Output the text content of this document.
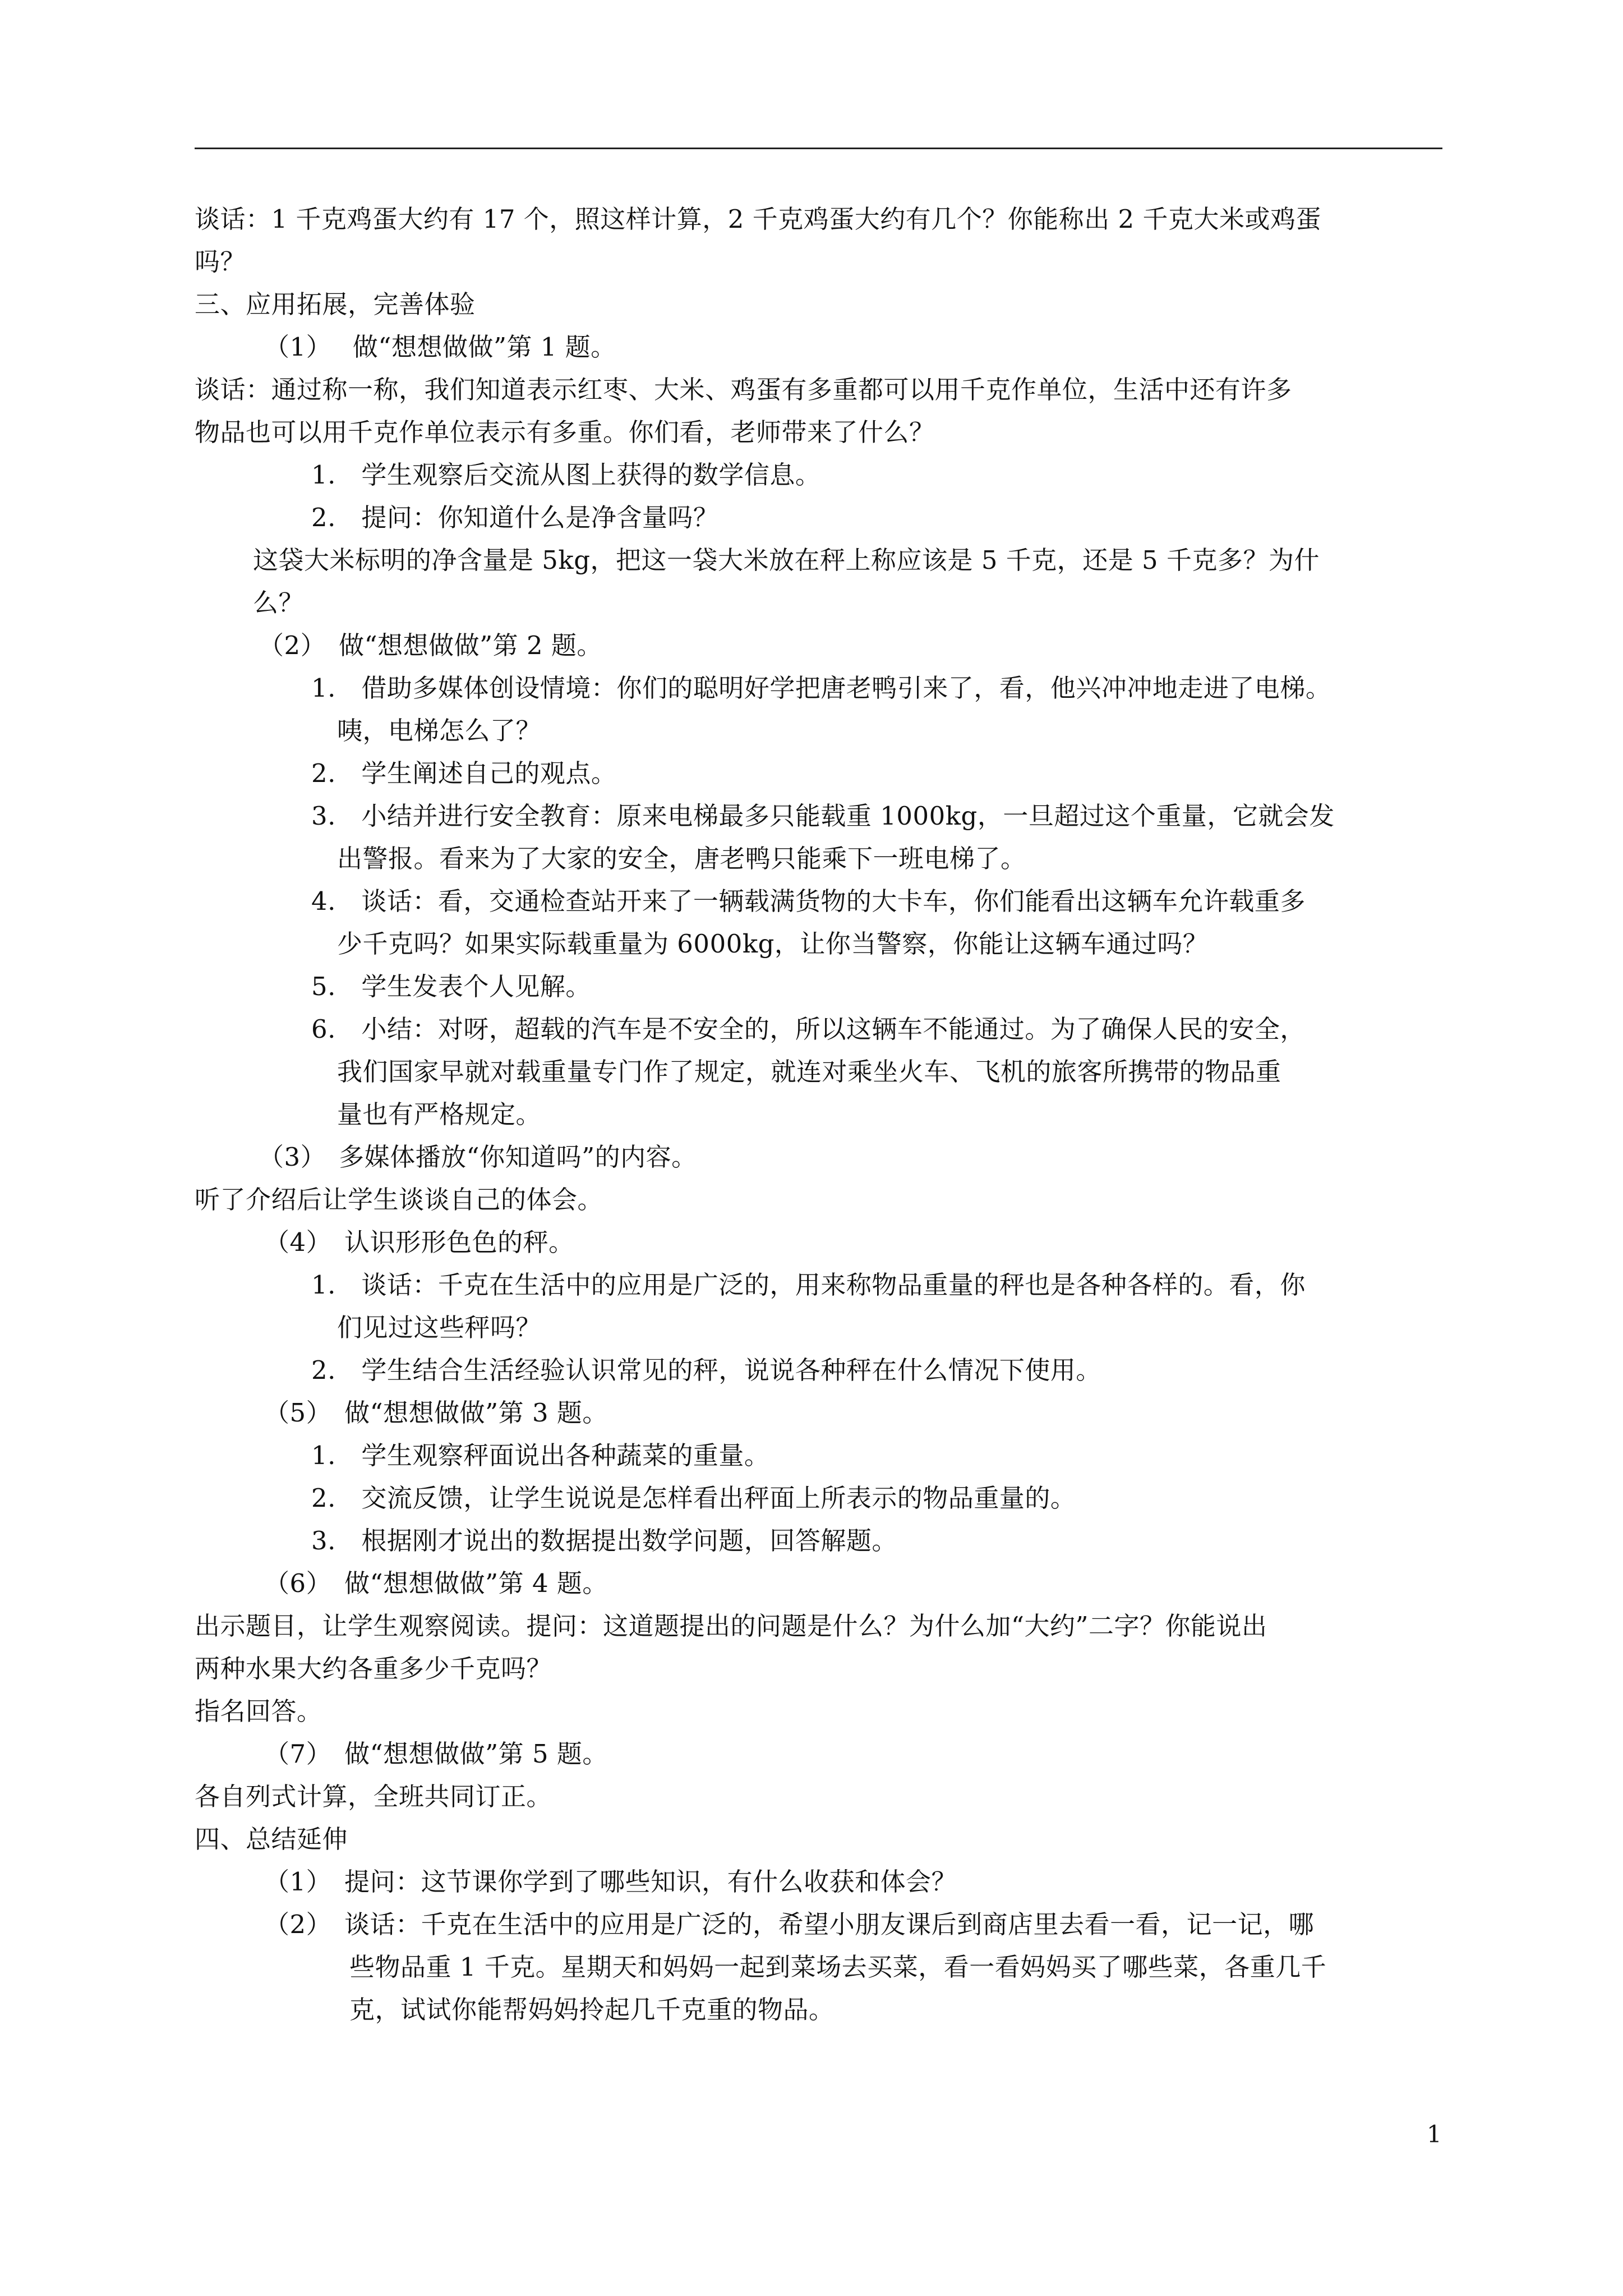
谈话：1 千克鸡蛋大约有 17 个，照这样计算，2 千克鸡蛋大约有几个？你能称出 2 千克大米或鸡蛋
吗？
三、应用拓展，完善体验
（1）　 做“想想做做”第 1 题。
谈话：通过称一称，我们知道表示红枣、大米、鸡蛋有多重都可以用千克作单位，生活中还有许多
物品也可以用千克作单位表示有多重。你们看，老师带来了什么？
1.　学生观察后交流从图上获得的数学信息。
2.　提问：你知道什么是净含量吗？
这袋大米标明的净含量是 5kg，把这一袋大米放在秤上称应该是 5 千克，还是 5 千克多？为什
么？
（2）　做“想想做做”第 2 题。
1.　借助多媒体创设情境：你们的聪明好学把唐老鸭引来了，看，他兴冲冲地走进了电梯。
咦，电梯怎么了？
2.　学生阐述自己的观点。
3.　小结并进行安全教育：原来电梯最多只能载重 1000kg，一旦超过这个重量，它就会发
出警报。看来为了大家的安全，唐老鸭只能乘下一班电梯了。
4.　谈话：看，交通检查站开来了一辆载满货物的大卡车，你们能看出这辆车允许载重多
少千克吗？如果实际载重量为 6000kg，让你当警察，你能让这辆车通过吗？
5.　学生发表个人见解。
6.　小结：对呀，超载的汽车是不安全的，所以这辆车不能通过。为了确保人民的安全，
我们国家早就对载重量专门作了规定，就连对乘坐火车、飞机的旅客所携带的物品重
量也有严格规定。
（3）　多媒体播放“你知道吗”的内容。
听了介绍后让学生谈谈自己的体会。
（4）　认识形形色色的秤。
1.　谈话：千克在生活中的应用是广泛的，用来称物品重量的秤也是各种各样的。看，你
们见过这些秤吗？
2.　学生结合生活经验认识常见的秤，说说各种秤在什么情况下使用。
（5）　做“想想做做”第 3 题。
1.　学生观察秤面说出各种蔬菜的重量。
2.　交流反馈，让学生说说是怎样看出秤面上所表示的物品重量的。
3.　根据刚才说出的数据提出数学问题，回答解题。
（6）　做“想想做做”第 4 题。
出示题目，让学生观察阅读。提问：这道题提出的问题是什么？为什么加“大约”二字？你能说出
两种水果大约各重多少千克吗？
指名回答。
（7）　做“想想做做”第 5 题。
各自列式计算，全班共同订正。
四、总结延伸
（1）　提问：这节课你学到了哪些知识，有什么收获和体会？
（2）　谈话：千克在生活中的应用是广泛的，希望小朋友课后到商店里去看一看，记一记，哪
些物品重 1 千克。星期天和妈妈一起到菜场去买菜，看一看妈妈买了哪些菜，各重几千
克，试试你能帮妈妈拎起几千克重的物品。
1
